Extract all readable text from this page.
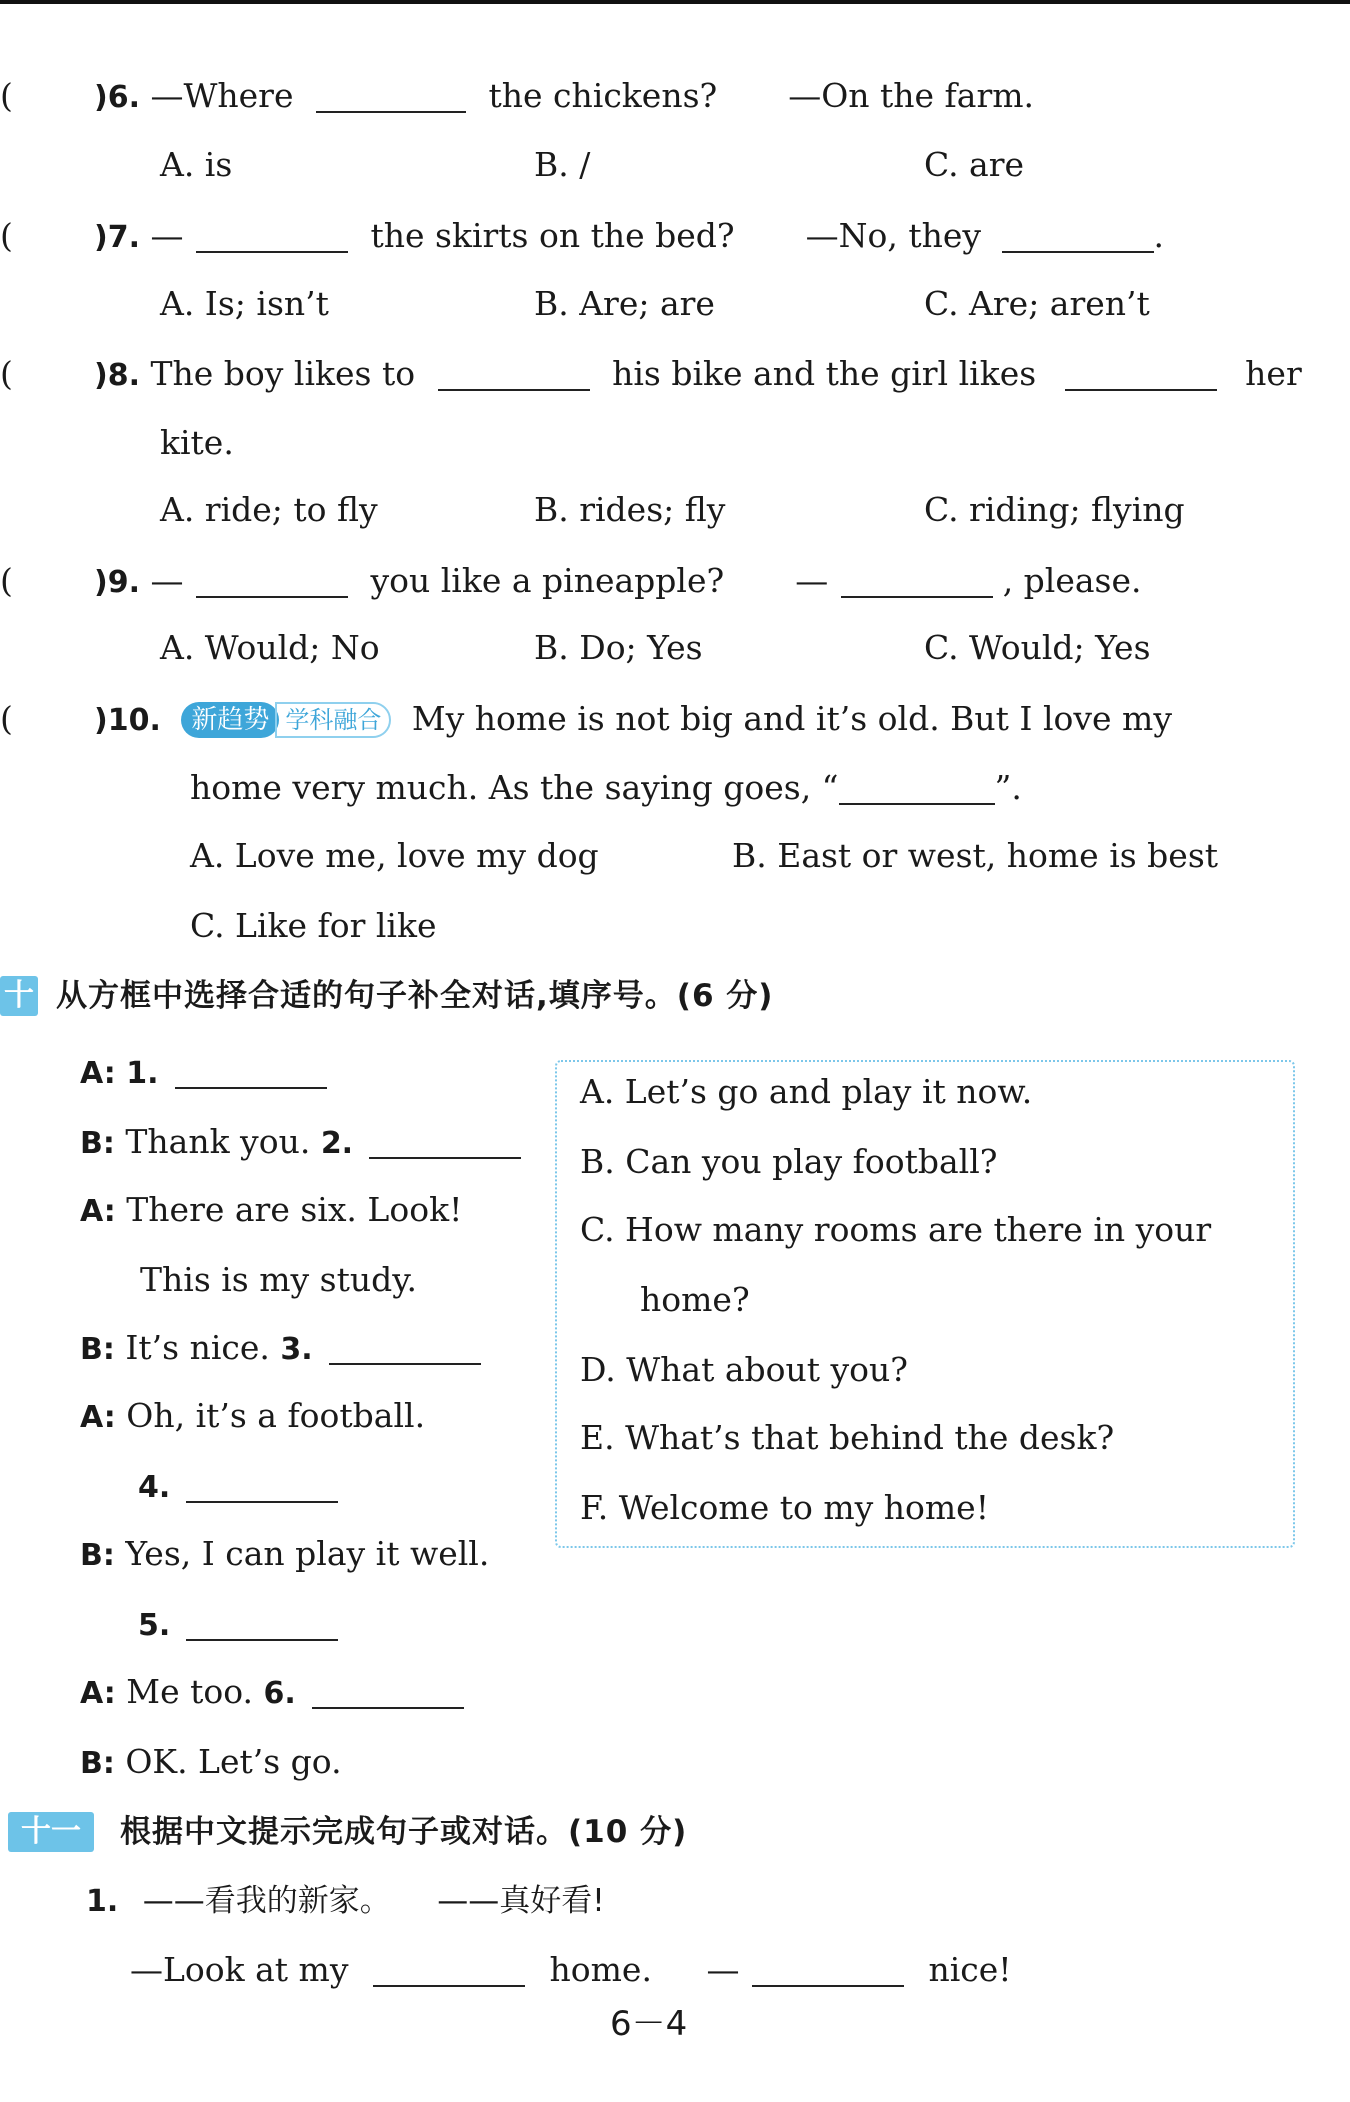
(	)6. —Where	the chickens? —On the farm.
A. is	B. /	C. are
(	)7. —	the skirts on the bed? —No, they	.
A. Is; isn’t	B. Are; are	C. Are; aren’t
(	)8. The boy likes to	his bike and the girl likes	her
kite.
A. ride; to fly	B. rides; fly	C. riding; flying
(	)9. —	you like a pineapple? —	, please.
A. Would; No	B. Do; Yes	C. Would; Yes
(	)10. 新趋势 学科融合 My home is not big and it’s old. But I love my
home very much. As the saying goes, “	”.
A. Love me, love my dog	B. East or west, home is best
C. Like for like
十 从方框中选择合适的句子补全对话,填序号。(6 分)
A: 1.
B: Thank you. 2.
A: There are six. Look!
This is my study.
B: It’s nice. 3.
A: Oh, it’s a football.
4.
B: Yes, I can play it well.
5.
A: Me too. 6.
B: OK. Let’s go.
A. Let’s go and play it now.
B. Can you play football?
C. How many rooms are there in your
home?
D. What about you?
E. What’s that behind the desk?
F. Welcome to my home!
十一	根据中文提示完成句子或对话。(10 分)
1. ——看我的新家。 ——真好看!
—Look at my	home. —	nice!
6－4
